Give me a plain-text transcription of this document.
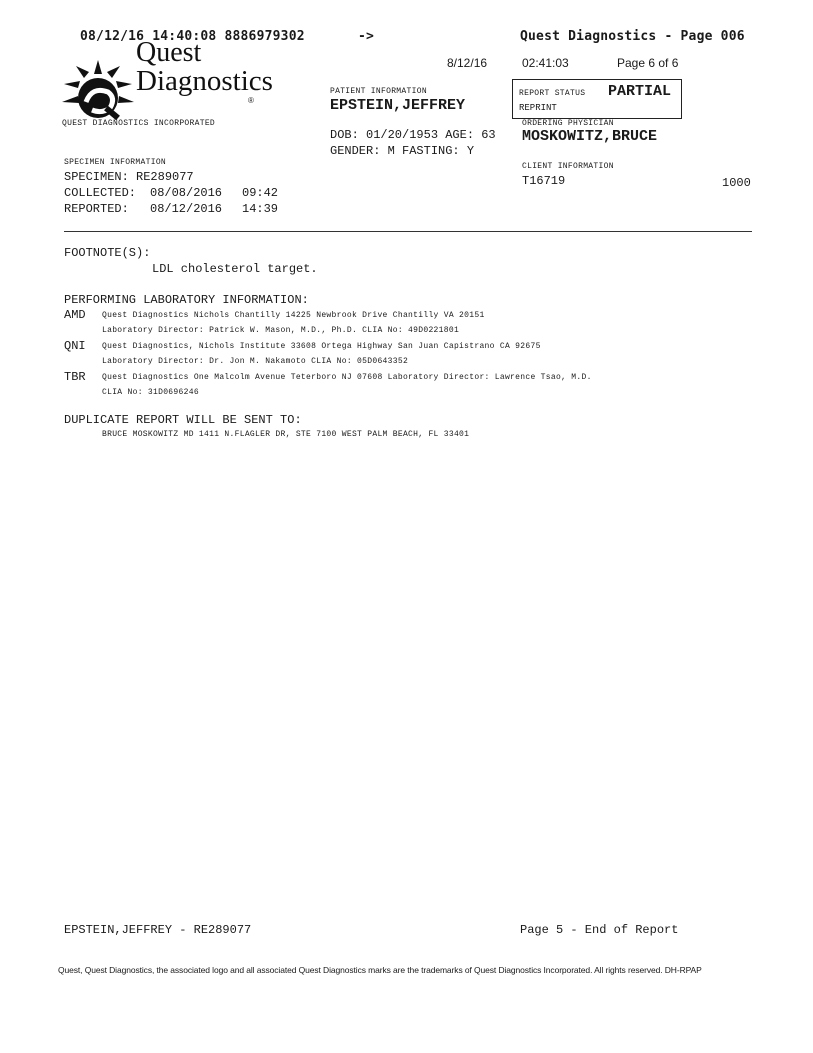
08/12/16 14:40:08 8886979302	->	Quest Diagnostics - Page 006
Quest
Diagnostics
®
QUEST DIAGNOSTICS INCORPORATED
8/12/16	02:41:03	Page 6 of 6
PATIENT INFORMATION
EPSTEIN,JEFFREY
DOB: 01/20/1953 AGE: 63
GENDER: M FASTING: Y
REPORT STATUS PARTIAL
REPRINT
ORDERING PHYSICIAN
MOSKOWITZ,BRUCE
CLIENT INFORMATION
T16719	1000
SPECIMEN INFORMATION
SPECIMEN: RE289077
COLLECTED: 08/08/2016 09:42
REPORTED: 08/12/2016 14:39
FOOTNOTE(S):
LDL cholesterol target.
PERFORMING LABORATORY INFORMATION:
AMD Quest Diagnostics Nichols Chantilly 14225 Newbrook Drive Chantilly VA 20151
Laboratory Director: Patrick W. Mason, M.D., Ph.D. CLIA No: 49D0221801
QNI Quest Diagnostics, Nichols Institute 33608 Ortega Highway San Juan Capistrano CA 92675
Laboratory Director: Dr. Jon M. Nakamoto CLIA No: 05D0643352
TBR Quest Diagnostics One Malcolm Avenue Teterboro NJ 07608 Laboratory Director: Lawrence Tsao, M.D.
CLIA No: 31D0696246
DUPLICATE REPORT WILL BE SENT TO:
BRUCE MOSKOWITZ MD 1411 N.FLAGLER DR, STE 7100 WEST PALM BEACH, FL 33401
EPSTEIN,JEFFREY - RE289077	Page 5 - End of Report
Quest, Quest Diagnostics, the associated logo and all associated Quest Diagnostics marks are the trademarks of Quest Diagnostics Incorporated. All rights reserved. DH-RPAP
